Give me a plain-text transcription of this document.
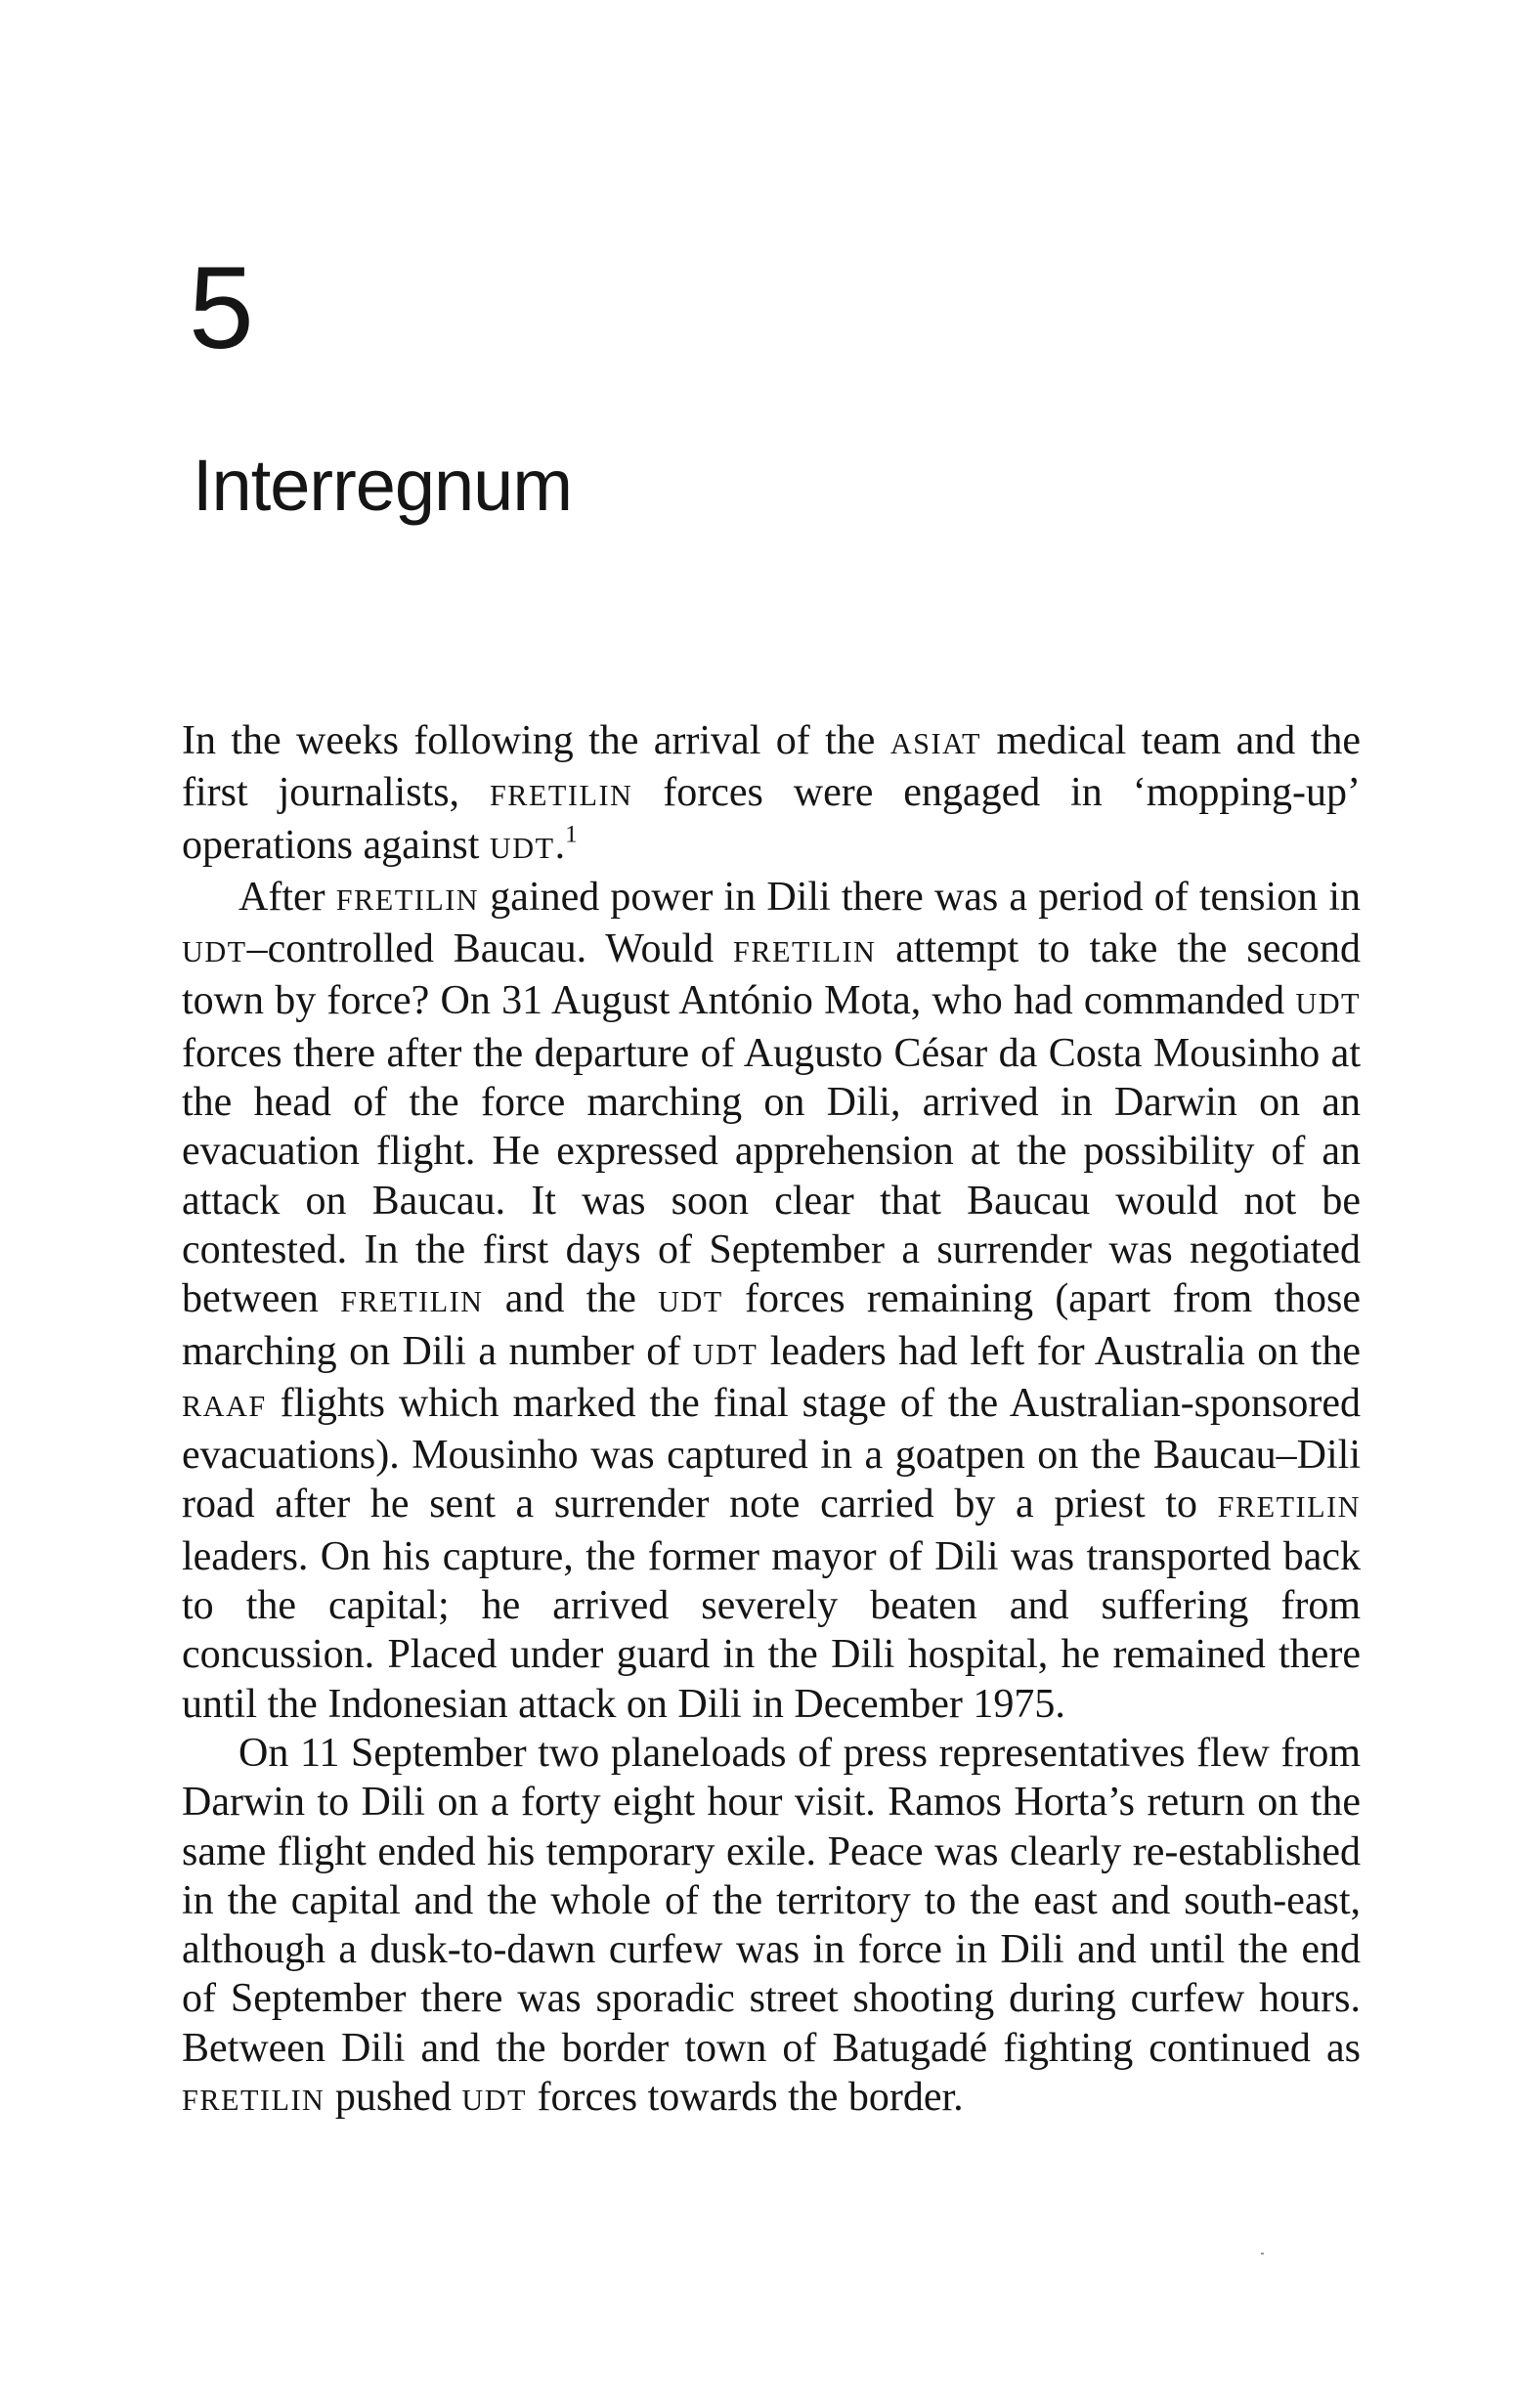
5
Interregnum

In the weeks following the arrival of the ASIAT medical team and the first journalists, FRETILIN forces were engaged in ‘mopping-up’ operations against UDT.$^1$

After FRETILIN gained power in Dili there was a period of tension in UDT–controlled Baucau. Would FRETILIN attempt to take the second town by force? On 31 August António Mota, who had commanded UDT forces there after the departure of Augusto César da Costa Mousinho at the head of the force marching on Dili, arrived in Darwin on an evacuation flight. He expressed apprehension at the possibility of an attack on Baucau. It was soon clear that Baucau would not be contested. In the first days of September a surrender was negotiated between FRETILIN and the UDT forces remaining (apart from those marching on Dili a number of UDT leaders had left for Australia on the RAAF flights which marked the final stage of the Australian-sponsored evacuations). Mousinho was captured in a goatpen on the Baucau–Dili road after he sent a surrender note carried by a priest to FRETILIN leaders. On his capture, the former mayor of Dili was transported back to the capital; he arrived severely beaten and suffering from concussion. Placed under guard in the Dili hospital, he remained there until the Indonesian attack on Dili in December 1975.

On 11 September two planeloads of press representatives flew from Darwin to Dili on a forty eight hour visit. Ramos Horta’s return on the same flight ended his temporary exile. Peace was clearly re-established in the capital and the whole of the territory to the east and south-east, although a dusk-to-dawn curfew was in force in Dili and until the end of September there was sporadic street shooting during curfew hours. Between Dili and the border town of Batugadé fighting continued as FRETILIN pushed UDT forces towards the border.
